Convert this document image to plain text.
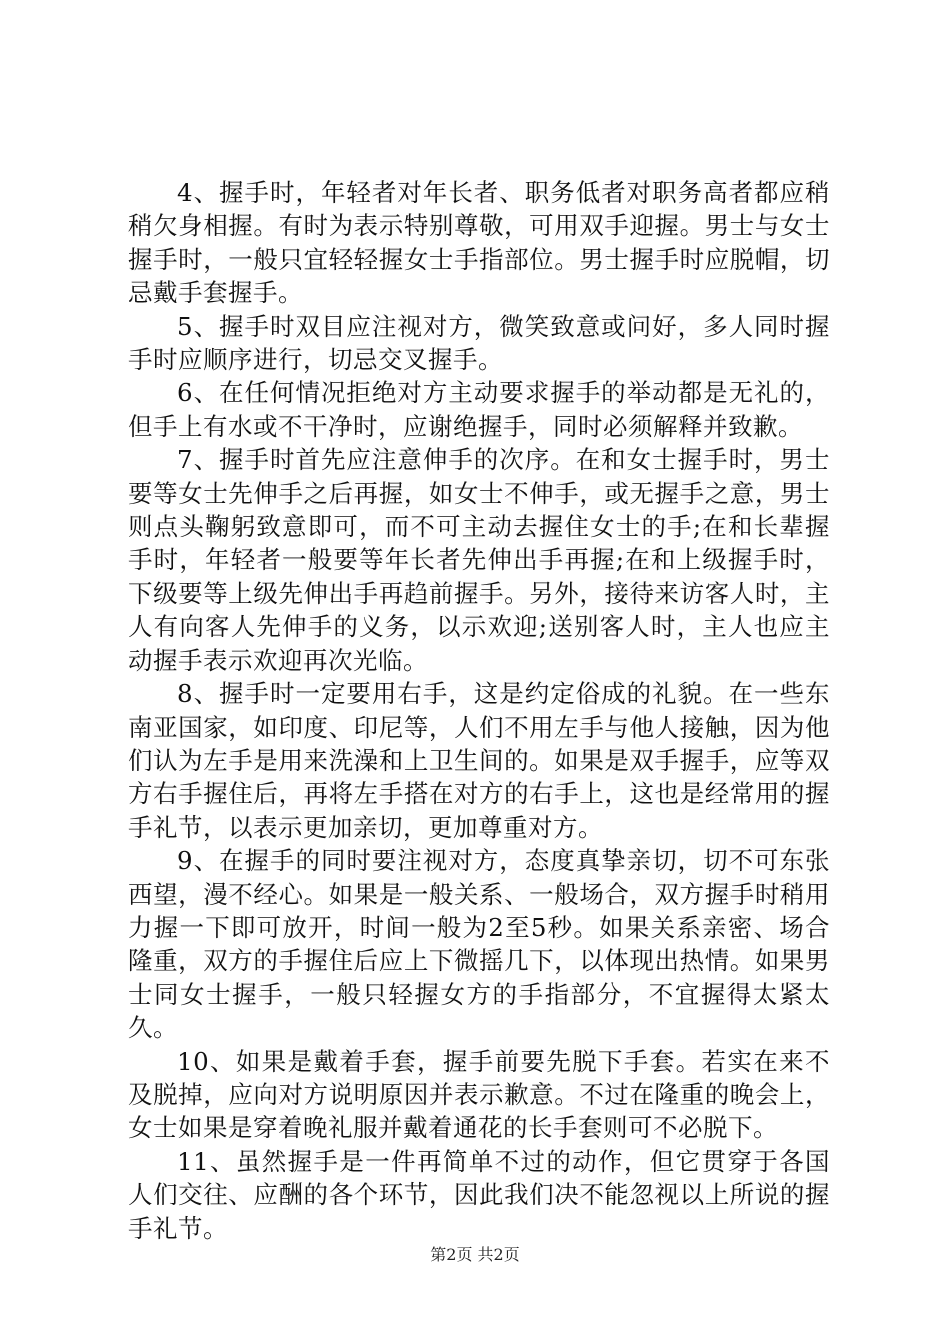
4、握手时，年轻者对年长者、职务低者对职务高者都应稍稍欠身相握。有时为表示特别尊敬，可用双手迎握。男士与女士握手时，一般只宜轻轻握女士手指部位。男士握手时应脱帽，切忌戴手套握手。

5、握手时双目应注视对方，微笑致意或问好，多人同时握手时应顺序进行，切忌交叉握手。

6、在任何情况拒绝对方主动要求握手的举动都是无礼的，但手上有水或不干净时，应谢绝握手，同时必须解释并致歉。

7、握手时首先应注意伸手的次序。在和女士握手时，男士要等女士先伸手之后再握，如女士不伸手，或无握手之意，男士则点头鞠躬致意即可，而不可主动去握住女士的手;在和长辈握手时，年轻者一般要等年长者先伸出手再握;在和上级握手时，下级要等上级先伸出手再趋前握手。另外，接待来访客人时，主人有向客人先伸手的义务，以示欢迎;送别客人时，主人也应主动握手表示欢迎再次光临。

8、握手时一定要用右手，这是约定俗成的礼貌。在一些东南亚国家，如印度、印尼等，人们不用左手与他人接触，因为他们认为左手是用来洗澡和上卫生间的。如果是双手握手，应等双方右手握住后，再将左手搭在对方的右手上，这也是经常用的握手礼节，以表示更加亲切，更加尊重对方。

9、在握手的同时要注视对方，态度真挚亲切，切不可东张西望，漫不经心。如果是一般关系、一般场合，双方握手时稍用力握一下即可放开，时间一般为2至5秒。如果关系亲密、场合隆重，双方的手握住后应上下微摇几下，以体现出热情。如果男士同女士握手，一般只轻握女方的手指部分，不宜握得太紧太久。

10、如果是戴着手套，握手前要先脱下手套。若实在来不及脱掉，应向对方说明原因并表示歉意。不过在隆重的晚会上，女士如果是穿着晚礼服并戴着通花的长手套则可不必脱下。

11、虽然握手是一件再简单不过的动作，但它贯穿于各国人们交往、应酬的各个环节，因此我们决不能忽视以上所说的握手礼节。

第2页 共2页
